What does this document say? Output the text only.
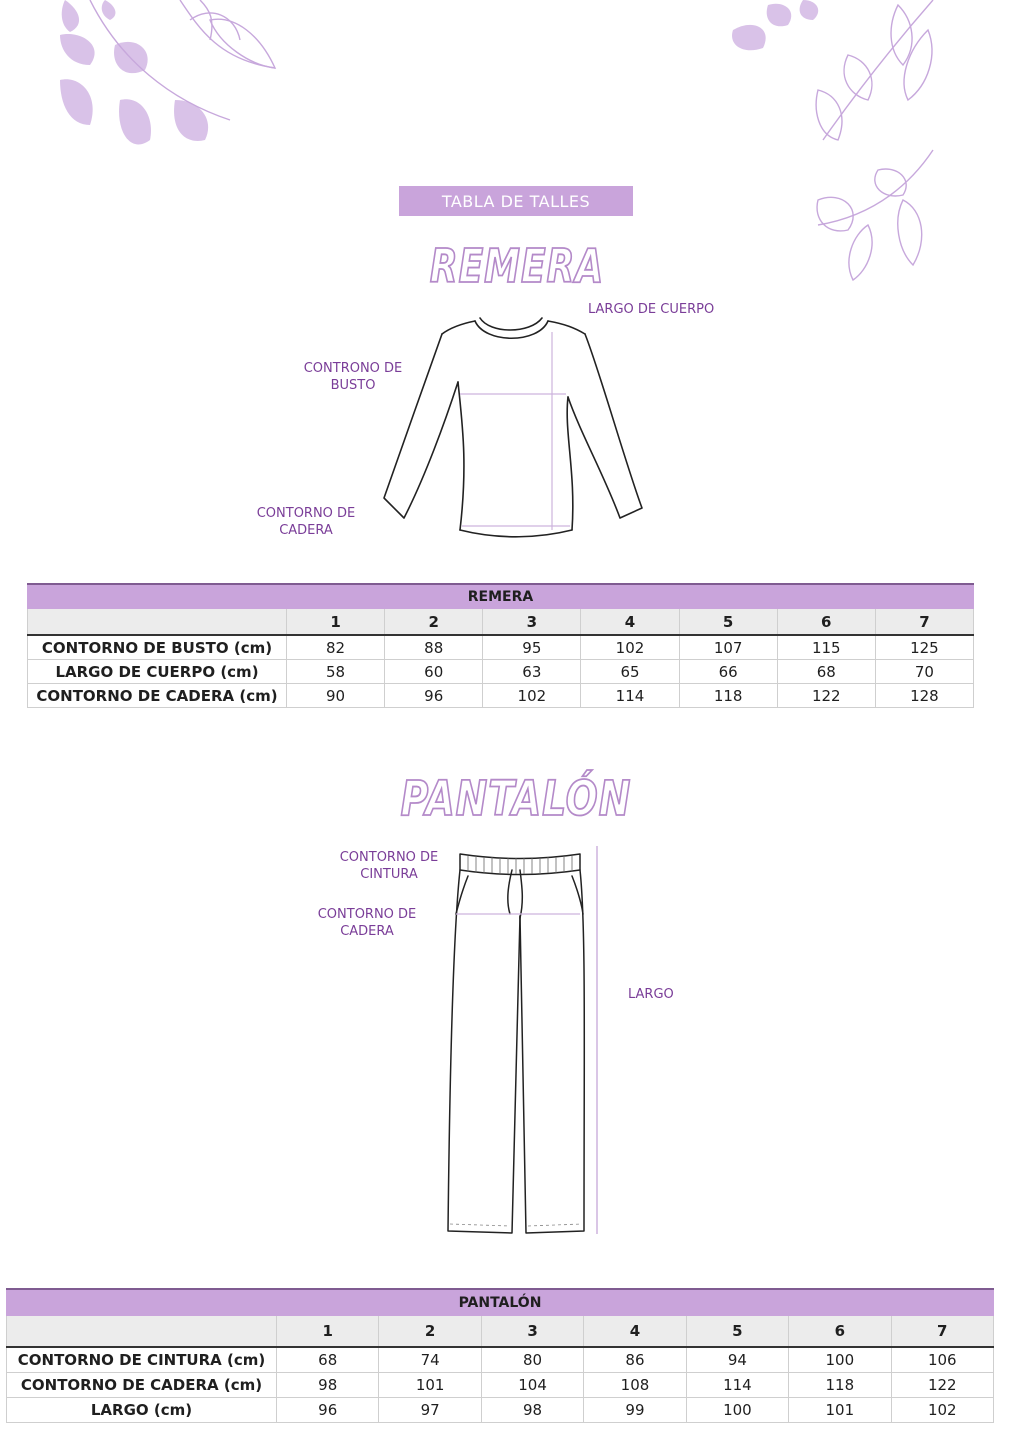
TABLA DE TALLES
REMERA
LARGO DE CUERPO
CONTRONO DE
BUSTO
CONTORNO DE
CADERA
REMERA							
	1	2	3	4	5	6	7
CONTORNO DE BUSTO (cm)	82	88	95	102	107	115	125
LARGO DE CUERPO (cm)	58	60	63	65	66	68	70
CONTORNO DE CADERA (cm)	90	96	102	114	118	122	128
PANTALÓN
CONTORNO DE
CINTURA
CONTORNO DE
CADERA
LARGO
PANTALÓN							
	1	2	3	4	5	6	7
CONTORNO DE CINTURA (cm)	68	74	80	86	94	100	106
CONTORNO DE CADERA (cm)	98	101	104	108	114	118	122
LARGO (cm)	96	97	98	99	100	101	102
